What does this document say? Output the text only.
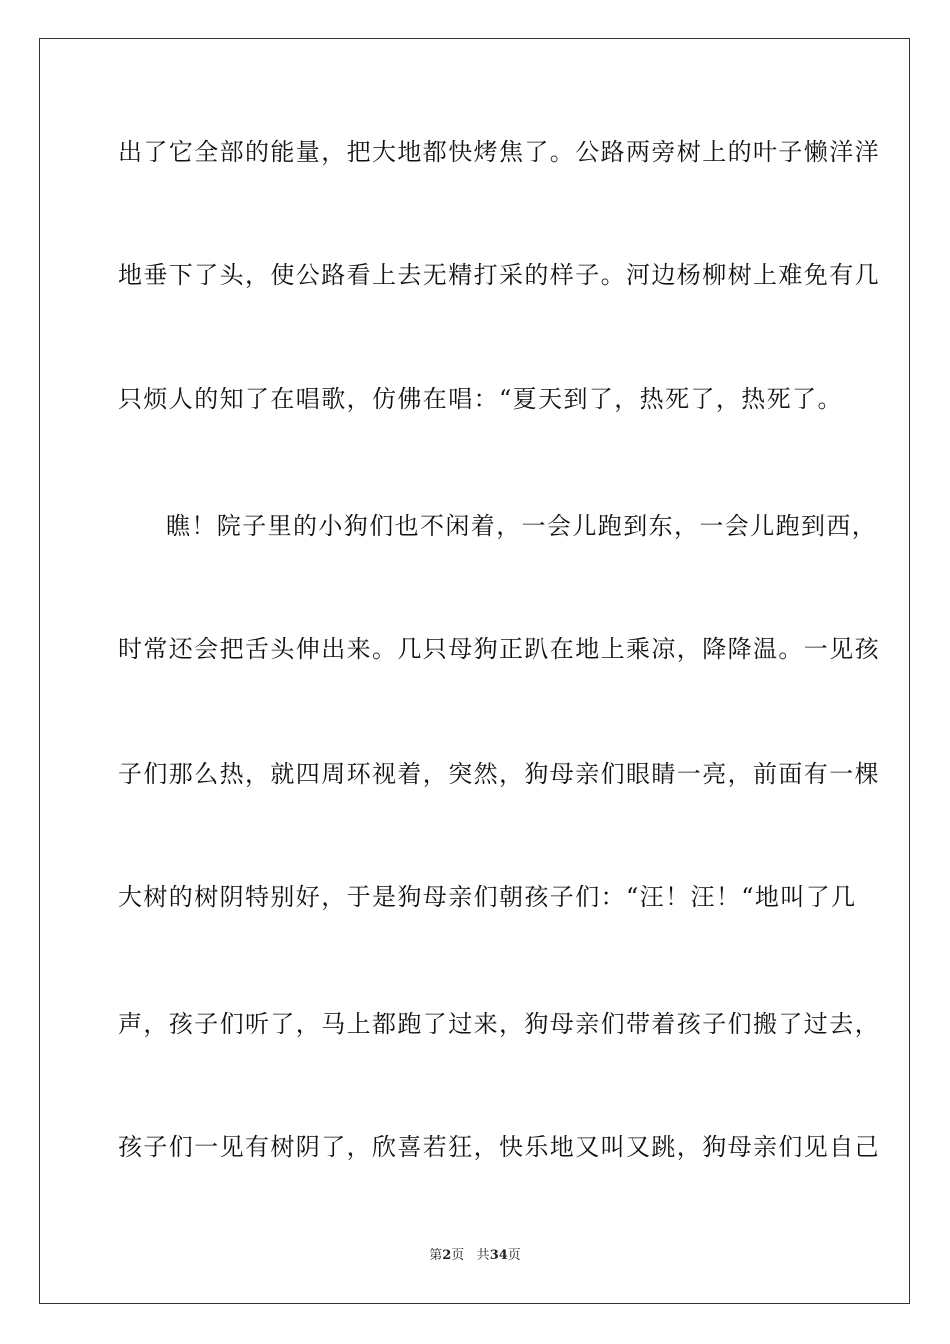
出了它全部的能量，把大地都快烤焦了。公路两旁树上的叶子懒洋洋
地垂下了头，使公路看上去无精打采的样子。河边杨柳树上难免有几
只烦人的知了在唱歌，仿佛在唱：“夏天到了，热死了，热死了。
瞧！院子里的小狗们也不闲着，一会儿跑到东，一会儿跑到西，
时常还会把舌头伸出来。几只母狗正趴在地上乘凉，降降温。一见孩
子们那么热，就四周环视着，突然，狗母亲们眼睛一亮，前面有一棵
大树的树阴特别好，于是狗母亲们朝孩子们：“汪！汪！“地叫了几
声，孩子们听了，马上都跑了过来，狗母亲们带着孩子们搬了过去，
孩子们一见有树阴了，欣喜若狂，快乐地又叫又跳，狗母亲们见自己
第2页 共34页
